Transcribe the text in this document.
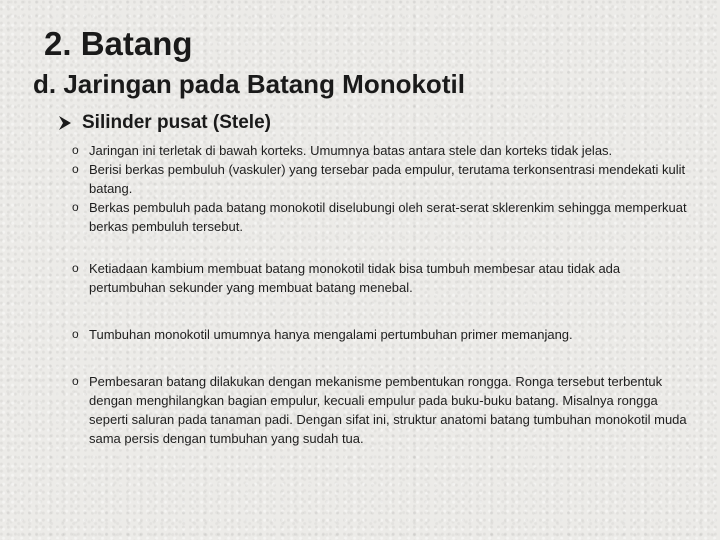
2. Batang
d. Jaringan pada Batang Monokotil
Silinder pusat (Stele)
o Jaringan ini terletak di bawah korteks. Umumnya batas antara stele dan korteks tidak jelas.
o Berisi berkas pembuluh (vaskuler) yang tersebar pada empulur, terutama terkonsentrasi mendekati kulit batang.
o Berkas pembuluh pada batang monokotil diselubungi oleh serat-serat sklerenkim sehingga memperkuat berkas pembuluh tersebut.
o Ketiadaan kambium membuat batang monokotil tidak bisa tumbuh membesar atau tidak ada pertumbuhan sekunder yang membuat batang menebal.
o Tumbuhan monokotil umumnya hanya mengalami pertumbuhan primer memanjang.
o Pembesaran batang dilakukan dengan mekanisme pembentukan rongga. Ronga tersebut terbentuk dengan menghilangkan bagian empulur, kecuali empulur pada buku-buku batang. Misalnya rongga seperti saluran pada tanaman padi. Dengan sifat ini, struktur anatomi batang tumbuhan monokotil muda sama persis dengan tumbuhan yang sudah tua.
